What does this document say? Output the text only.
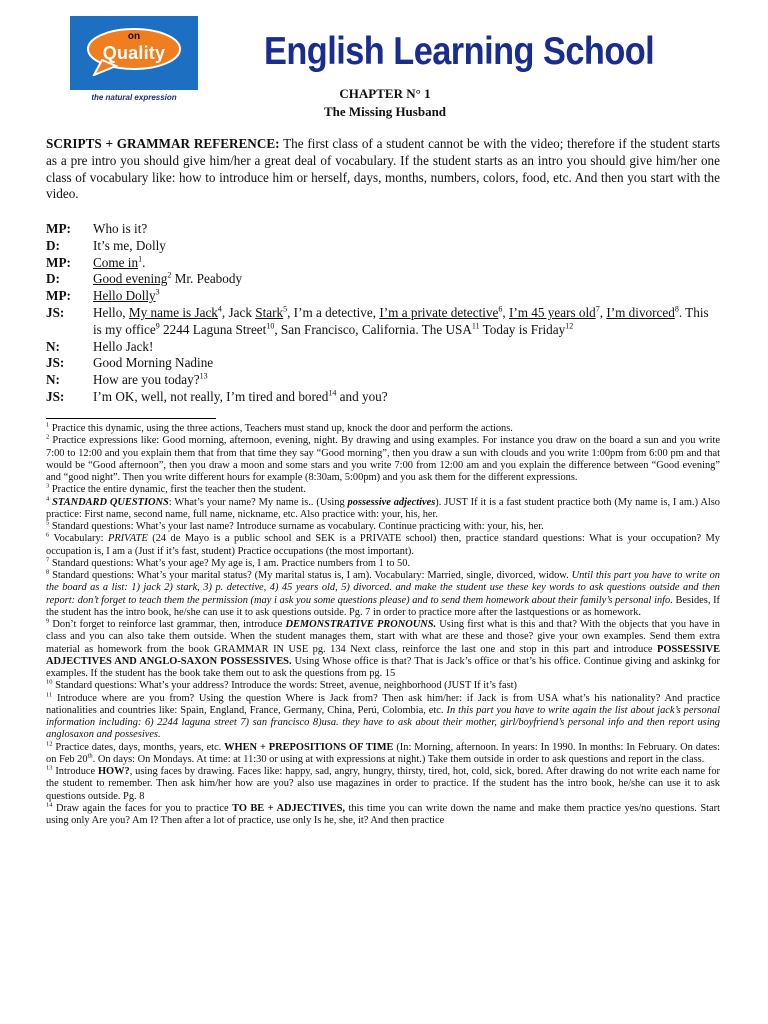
on
Quality
the natural expression
English Learning School
CHAPTER N° 1
The Missing Husband
SCRIPTS + GRAMMAR REFERENCE: The first class of a student cannot be with the video; therefore if the student starts as a pre intro you should give him/her a great deal of vocabulary. If the student starts as an intro you should give him/her one class of vocabulary like: how to introduce him or herself, days, months, numbers, colors, food, etc. And then you start with the video.
MP:	Who is it?
D:	It’s me, Dolly
MP:	Come $in^1$.
D:	Good evening$^2$ Mr. Peabody
MP:	Hello Dolly$^3$
JS:	Hello, My name is Jack$^4$, Jack Stark$^5$, I’m a detective, I’m a private detective$^6$, I’m 45 years old$^7$, I’m divorced$^8$. This is my office$^9$ 2244 Laguna Street$^{10}$, San Francisco, California. The USA$^{11}$ Today is Friday$^{12}$
N:	Hello Jack!
JS:	Good Morning Nadine
N:	How are you today?$^{13}$
JS:	I’m OK, well, not really, I’m tired and bored$^{14}$ and you?

$^1$ Practice this dynamic, using the three actions, Teachers must stand up, knock the door and perform the actions.

$^2$ Practice expressions like: Good morning, afternoon, evening, night. By drawing and using examples. For instance you draw on the board a sun and you write 7:00 to 12:00 and you explain them that from that time they say “Good morning”, then you draw a sun with clouds and you write 1:00pm from 6:00 pm and that would be “Good afternoon”, then you draw a moon and some stars and you write 7:00 from 12:00 am and you explain the difference between “Good evening” and “good night”. Then you write different hours for example (8:30am, 5:00pm) and you ask them for the different expressions.

$^3$ Practice the entire dynamic, first the teacher then the student.

$^4$ STANDARD QUESTIONS: What’s your name? My name is.. (Using possessive adjectives). JUST If it is a fast student practice both (My name is, I am.) Also practice: First name, second name, full name, nickname, etc. Also practice with: your, his, her.

$^5$ Standard questions: What’s your last name? Introduce surname as vocabulary. Continue practicing with: your, his, her.

$^6$ Vocabulary: PRIVATE (24 de Mayo is a public school and SEK is a PRIVATE school) then, practice standard questions: What is your occupation? My occupation is, I am a (Just if it’s fast, student) Practice occupations (the most important).

$^7$ Standard questions: What’s your age? My age is, I am. Practice numbers from 1 to 50.

$^8$ Standard questions: What’s your marital status? (My marital status is, I am). Vocabulary: Married, single, divorced, widow. Until this part you have to write on the board as a list: 1) jack 2) stark, 3) p. detective, 4) 45 years old, 5) divorced. and make the student use these key words to ask questions outside and then report: don’t forget to teach them the permission (may i ask you some questions please) and to send them homework about their family’s personal info. Besides, If the student has the intro book, he/she can use it to ask questions outside. Pg. 7 in order to practice more after the lastquestions or as homework.

$^9$ Don’t forget to reinforce last grammar, then, introduce DEMONSTRATIVE PRONOUNS. Using first what is this and that? With the objects that you have in class and you can also take them outside. When the student manages them, start with what are these and those? give your own examples. Send them extra material as homework from the book GRAMMAR IN USE pg. 134 Next class, reinforce the last one and stop in this part and introduce POSSESSIVE ADJECTIVES AND ANGLO-SAXON POSSESSIVES. Using Whose office is that? That is Jack’s office or that’s his office. Continue giving and askinkg for examples. If the student has the book take them out to ask the questions from pg. 15

$^{10}$ Standard questions: What’s your address? Introduce the words: Street, avenue, neighborhood (JUST If it’s fast)

$^{11}$ Introduce where are you from? Using the question Where is Jack from? Then ask him/her: if Jack is from USA what’s his nationality? And practice nationalities and countries like: Spain, England, France, Germany, China, Perú, Colombia, etc. In this part you have to write again the list about jack’s personal information including: 6) 2244 laguna street 7) san francisco 8)usa. they have to ask about their mother, girl/boyfriend’s personal info and then report using anglosaxon and possesives.

$^{12}$ Practice dates, days, months, years, etc. WHEN + PREPOSITIONS OF TIME (In: Morning, afternoon. In years: In 1990. In months: In February. On dates: on Feb 20th. On days: On Mondays. At time: at 11:30 or using at with expressions at night.) Take them outside in order to ask questions and report in the class.

$^{13}$ Introduce HOW?, using faces by drawing. Faces like: happy, sad, angry, hungry, thirsty, tired, hot, cold, sick, bored. After drawing do not write each name for the student to remember. Then ask him/her how are you? also use magazines in order to practice. If the student has the intro book, he/she can use it to ask questions outside. Pg. 8

$^{14}$ Draw again the faces for you to practice TO BE + ADJECTIVES, this time you can write down the name and make them practice yes/no questions. Start using only Are you? Am I? Then after a lot of practice, use only Is he, she, it? And then practice
